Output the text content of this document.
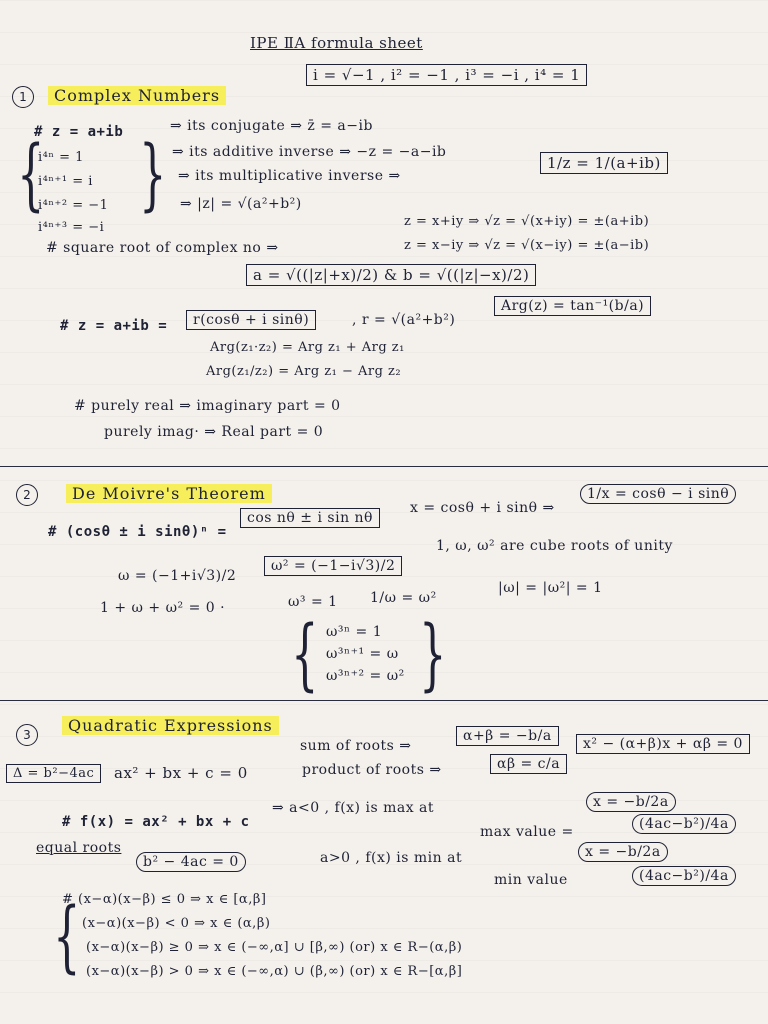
IPE ⅡA formula sheet
1	Complex Numbers
i = √−1 , i² = −1 , i³ = −i , i⁴ = 1
# z = a+ib	⇒ its conjugate ⇒ z̄ = a−ib
⇒ its additive inverse ⇒ −z = −a−ib
⇒ its multiplicative inverse ⇒
1/z = 1/(a+ib)
⇒ |z| = √(a²+b²)
{
i⁴ⁿ = 1
i⁴ⁿ⁺¹ = i
i⁴ⁿ⁺² = −1
i⁴ⁿ⁺³ = −i
}
# square root of complex no ⇒
z = x+iy ⇒ √z = √(x+iy) = ±(a+ib)
z = x−iy ⇒ √z = √(x−iy) = ±(a−ib)
a = √((|z|+x)/2) & b = √((|z|−x)/2)
# z = a+ib =	r(cosθ + i sinθ)	, r = √(a²+b²)
Arg(z) = tan⁻¹(b/a)
Arg(z₁·z₂) = Arg z₁ + Arg z₁
Arg(z₁/z₂) = Arg z₁ − Arg z₂
# purely real ⇒ imaginary part = 0
purely imag· ⇒ Real part = 0
2	De Moivre's Theorem
x = cosθ + i sinθ ⇒
1/x = cosθ − i sinθ
# (cosθ ± i sinθ)ⁿ =
cos nθ ± i sin nθ
ω = (−1+i√3)/2
ω² = (−1−i√3)/2
1, ω, ω² are cube roots of unity
1 + ω + ω² = 0 ·	ω³ = 1 1/ω = ω²
|ω| = |ω²| = 1
{ ω³ⁿ = 1
ω³ⁿ⁺¹ = ω
ω³ⁿ⁺² = ω² }
3	Quadratic Expressions
sum of roots ⇒
α+β = −b/a
product of roots ⇒	αβ = c/a
x² − (α+β)x + αβ = 0
Δ = b²−4ac	ax² + bx + c = 0
# f(x) = ax² + bx + c
⇒ a<0 , f(x) is max at	x = −b/2a
max value =	(4ac−b²)/4a
equal roots
b² − 4ac = 0	a>0 , f(x) is min at	x = −b/2a
min value	(4ac−b²)/4a
{
# (x−α)(x−β) ≤ 0 ⇒ x ∈ [α,β]
(x−α)(x−β) < 0 ⇒ x ∈ (α,β)
(x−α)(x−β) ≥ 0 ⇒ x ∈ (−∞,α] ∪ [β,∞) (or) x ∈ R−(α,β)
(x−α)(x−β) > 0 ⇒ x ∈ (−∞,α) ∪ (β,∞) (or) x ∈ R−[α,β]
